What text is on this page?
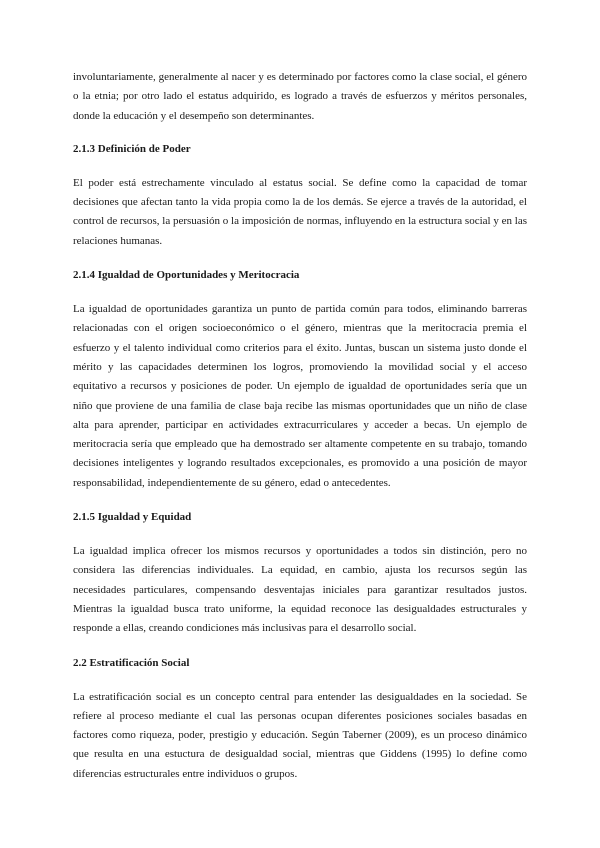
involuntariamente, generalmente al nacer y es determinado por factores como la clase social, el género o la etnia; por otro lado el estatus adquirido, es logrado a través de esfuerzos y méritos personales, donde la educación y el desempeño son determinantes.

2.1.3 Definición de Poder

El poder está estrechamente vinculado al estatus social. Se define como la capacidad de tomar decisiones que afectan tanto la vida propia como la de los demás. Se ejerce a través de la autoridad, el control de recursos, la persuasión o la imposición de normas, influyendo en la estructura social y en las relaciones humanas.

2.1.4 Igualdad de Oportunidades y Meritocracia

La igualdad de oportunidades garantiza un punto de partida común para todos, eliminando barreras relacionadas con el origen socioeconómico o el género, mientras que la meritocracia premia el esfuerzo y el talento individual como criterios para el éxito. Juntas, buscan un sistema justo donde el mérito y las capacidades determinen los logros, promoviendo la movilidad social y el acceso equitativo a recursos y posiciones de poder. Un ejemplo de igualdad de oportunidades sería que un niño que proviene de una familia de clase baja recibe las mismas oportunidades que un niño de clase alta para aprender, participar en actividades extracurriculares y acceder a becas. Un ejemplo de meritocracia sería que empleado que ha demostrado ser altamente competente en su trabajo, tomando decisiones inteligentes y logrando resultados excepcionales, es promovido a una posición de mayor responsabilidad, independientemente de su género, edad o antecedentes.

2.1.5 Igualdad y Equidad

La igualdad implica ofrecer los mismos recursos y oportunidades a todos sin distinción, pero no considera las diferencias individuales. La equidad, en cambio, ajusta los recursos según las necesidades particulares, compensando desventajas iniciales para garantizar resultados justos. Mientras la igualdad busca trato uniforme, la equidad reconoce las desigualdades estructurales y responde a ellas, creando condiciones más inclusivas para el desarrollo social.

2.2 Estratificación Social

La estratificación social es un concepto central para entender las desigualdades en la sociedad. Se refiere al proceso mediante el cual las personas ocupan diferentes posiciones sociales basadas en factores como riqueza, poder, prestigio y educación. Según Taberner (2009), es un proceso dinámico que resulta en una estuctura de desigualdad social, mientras que Giddens (1995) lo define como diferencias estructurales entre individuos o grupos.
